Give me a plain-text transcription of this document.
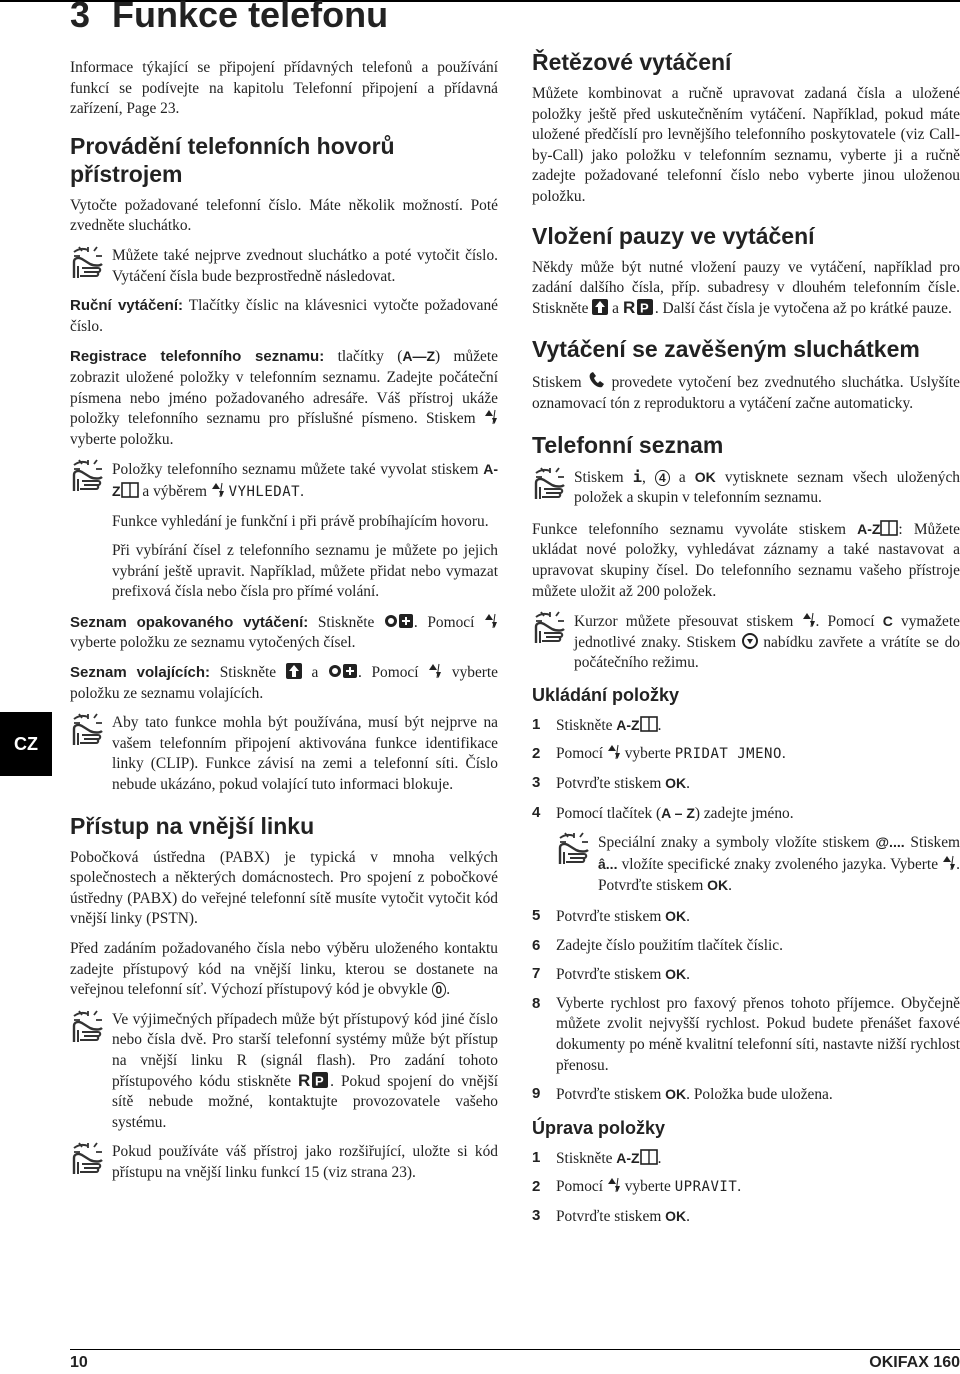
3 Funkce telefonu
CZ

Informace týkající se připojení přídavných telefonů a používání funkcí se podívejte na kapitolu Telefonní připojení a přídavná zařízení, Page 23.

Provádění telefonních hovorů přístrojem

Vytočte požadované telefonní číslo. Máte několik možností. Poté zvedněte sluchátko.

Můžete také nejprve zvednout sluchátko a poté vytočit číslo. Vytáčení čísla bude bezprostředně následovat.

Ruční vytáčení: Tlačítky číslic na klávesnici vytočte požadované číslo.

Registrace telefonního seznamu: tlačítky (A—Z) můžete zobrazit uložené položky v telefonním seznamu. Zadejte počáteční písmena nebo jméno požadovaného adresáře. Váš přístroj ukáže položky telefonního seznamu pro příslušné písmeno. Stiskem  vyberte položku.

Položky telefonního seznamu můžete také vyvolat stiskem A-Z a výběrem  VYHLEDAT.

Funkce vyhledání je funkční i při právě probíhajícím hovoru.

Při vybírání čísel z telefonního seznamu je můžete po jejich vybrání ještě upravit. Například, můžete přidat nebo vymazat prefixová čísla nebo čísla pro přímé volání.

Seznam opakovaného vytáčení: Stiskněte . Pomocí  vyberte položku ze seznamu vytočených čísel.

Seznam volajících: Stiskněte  a . Pomocí  vyberte položku ze seznamu volajících.

Aby tato funkce mohla být používána, musí být nejprve na vašem telefonním připojení aktivována funkce identifikace linky (CLIP). Funkce závisí na zemi a telefonní síti. Číslo nebude ukázáno, pokud volající tuto informaci blokuje.

Přístup na vnější linku

Pobočková ústředna (PABX) je typická v mnoha velkých společnostech a některých domácnostech. Pro spojení z pobočkové ústředny (PABX) do veřejné telefonní sítě musíte vytočit vytočit kód vnější linky (PSTN).

Před zadáním požadovaného čísla nebo výběru uloženého kontaktu zadejte přístupový kód na vnější linku, kterou se dostanete na veřejnou telefonní síť. Výchozí přístupový kód je obvykle 0 .

Ve výjimečných případech může být přístupový kód jiné číslo nebo čísla dvě. Pro starší telefonní systémy může být přístup na vnější linku R (signál flash). Pro zadání tohoto přístupového kódu stiskněte . Pokud spojení do vnější sítě nebude možné, kontaktujte provozovatele vašeho systému.

Pokud používáte váš přístroj jako rozšiřující, uložte si kód přístupu na vnější linku funkcí 15 (viz strana 23).

Řetězové vytáčení

Můžete kombinovat a ručně upravovat zadaná čísla a uložené položky ještě před uskutečněním vytáčení. Například, pokud máte uložené předčíslí pro levnějšího telefonního poskytovatele (viz Call-by-Call) jako položku v telefonním seznamu, vyberte ji a ručně zadejte požadované telefonní číslo nebo vyberte jinou uloženou položku.

Vložení pauzy ve vytáčení

Někdy může být nutné vložení pauzy ve vytáčení, například pro zadání dalšího čísla, příp. subadresy v dlouhém telefonním čísle. Stiskněte  a . Další část čísla je vytočena až po krátké pauze.

Vytáčení se zavěšeným sluchátkem

Stiskem  provedete vytočení bez zvednutého sluchátka. Uslyšíte oznamovací tón z reproduktoru a vytáčení začne automaticky.

Telefonní seznam

Stiskem i, 4 a OK vytisknete seznam všech uložených položek a skupin v telefonním seznamu.

Funkce telefonního seznamu vyvoláte stiskem A-Z : Můžete ukládat nové položky, vyhledávat záznamy a také nastavovat a upravovat skupiny čísel. Do telefonního seznamu vašeho přístroje můžete uložit až 200 položek.

Kurzor můžete přesouvat stiskem . Pomocí C vymažete jednotlivé znaky. Stiskem  nabídku zavřete a vrátíte se do počátečního režimu.

Ukládání položky
1 Stiskněte A-Z .
2 Pomocí  vyberte PRIDAT JMENO.
3 Potvrďte stiskem OK.
4 Pomocí tlačítek (A – Z) zadejte jméno.

Speciální znaky a symboly vložíte stiskem @.... Stiskem â... vložíte specifické znaky zvoleného jazyka. Vyberte . Potvrďte stiskem OK.

5 Potvrďte stiskem OK.
6 Zadejte číslo použitím tlačítek číslic.
7 Potvrďte stiskem OK.
8 Vyberte rychlost pro faxový přenos tohoto příjemce. Obyčejně můžete zvolit nejvyšší rychlost. Pokud budete přenášet faxové dokumenty po méně kvalitní telefonní síti, nastavte nižší rychlost přenosu.
9 Potvrďte stiskem OK. Položka bude uložena.
Úprava položky
1 Stiskněte A-Z .
2 Pomocí  vyberte UPRAVIT.
3 Potvrďte stiskem OK.
10	OKIFAX 160
